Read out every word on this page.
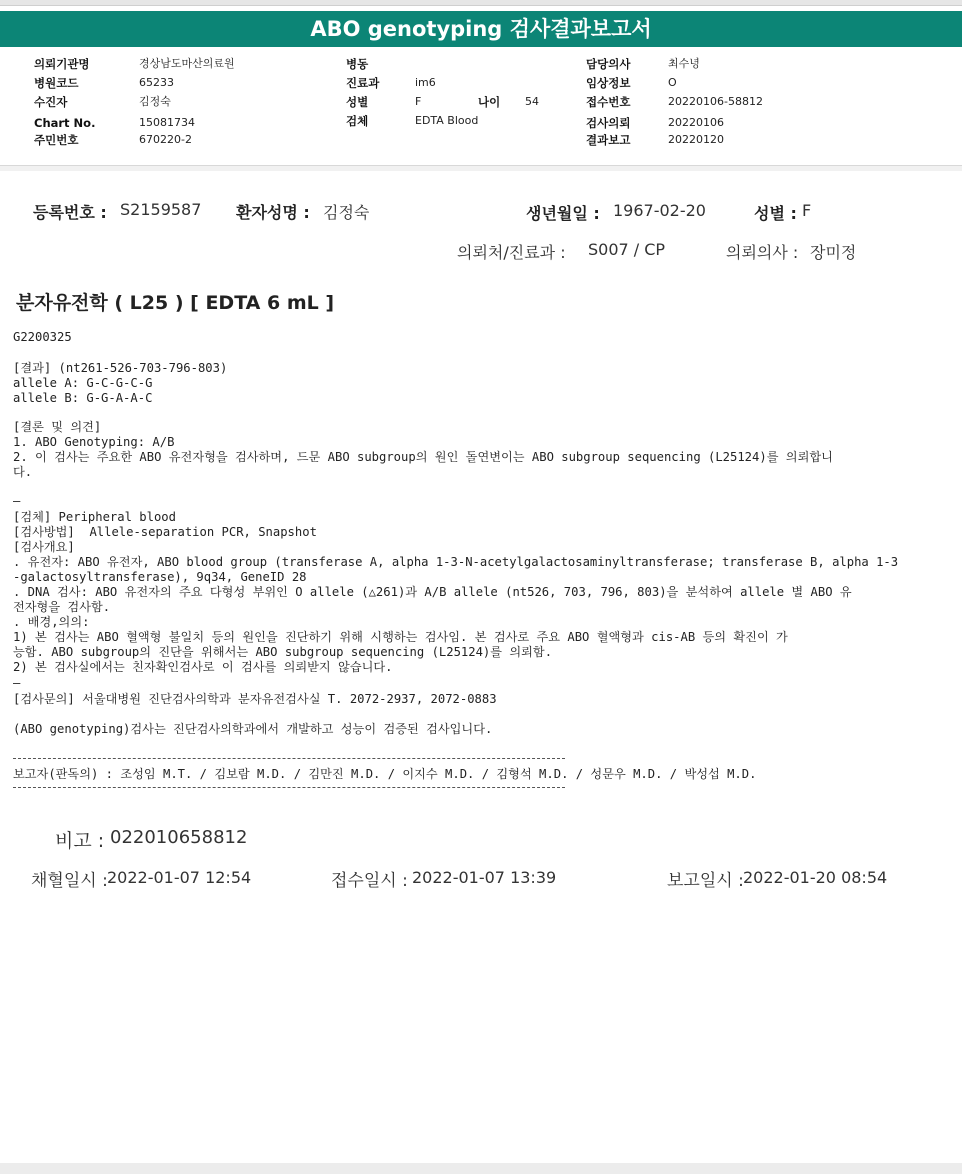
ABO genotyping 검사결과보고서
의뢰기관명	경상남도마산의료원
병원코드	65233
수진자	김정숙
Chart No.	15081734
주민번호	670220-2
병동
진료과	im6
성별	F	나이 54
검체	EDTA Blood
담당의사	최수녕
임상정보	O
접수번호	20220106-58812
검사의뢰	20220106
결과보고	20220120
등록번호 : S2159587 환자성명 : 김정숙	생년월일 : 1967-02-20	성별 : F
의뢰처/진료과 : S007 / CP	의뢰의사 : 장미정
분자유전학 ( L25 ) [ EDTA 6 mL ]
G2200325
[결과] (nt261-526-703-796-803)
allele A: G-C-G-C-G
allele B: G-G-A-A-C
[결론 및 의견]
1. ABO Genotyping: A/B
2. 이 검사는 주요한 ABO 유전자형을 검사하며, 드문 ABO subgroup의 원인 돌연변이는 ABO subgroup sequencing (L25124)를 의뢰합니
다.
—
[검체] Peripheral blood
[검사방법]  Allele-separation PCR, Snapshot
[검사개요]
. 유전자: ABO 유전자, ABO blood group (transferase A, alpha 1-3-N-acetylgalactosaminyltransferase; transferase B, alpha 1-3
-galactosyltransferase), 9q34, GeneID 28
. DNA 검사: ABO 유전자의 주요 다형성 부위인 O allele (△261)과 A/B allele (nt526, 703, 796, 803)을 분석하여 allele 별 ABO 유
전자형을 검사함.
. 배경,의의:
1) 본 검사는 ABO 혈액형 불일치 등의 원인을 진단하기 위해 시행하는 검사임. 본 검사로 주요 ABO 혈액형과 cis-AB 등의 확진이 가
능함. ABO subgroup의 진단을 위해서는 ABO subgroup sequencing (L25124)를 의뢰함.
2) 본 검사실에서는 친자확인검사로 이 검사를 의뢰받지 않습니다.
—
[검사문의] 서울대병원 진단검사의학과 분자유전검사실 T. 2072-2937, 2072-0883
(ABO genotyping)검사는 진단검사의학과에서 개발하고 성능이 검증된 검사입니다.
보고자(판독의) : 조성임 M.T. / 김보람 M.D. / 김만진 M.D. / 이지수 M.D. / 김형석 M.D. / 성문우 M.D. / 박성섭 M.D.
비고 : 022010658812
채혈일시 : 2022-01-07 12:54	접수일시 : 2022-01-07 13:39	보고일시 : 2022-01-20 08:54
